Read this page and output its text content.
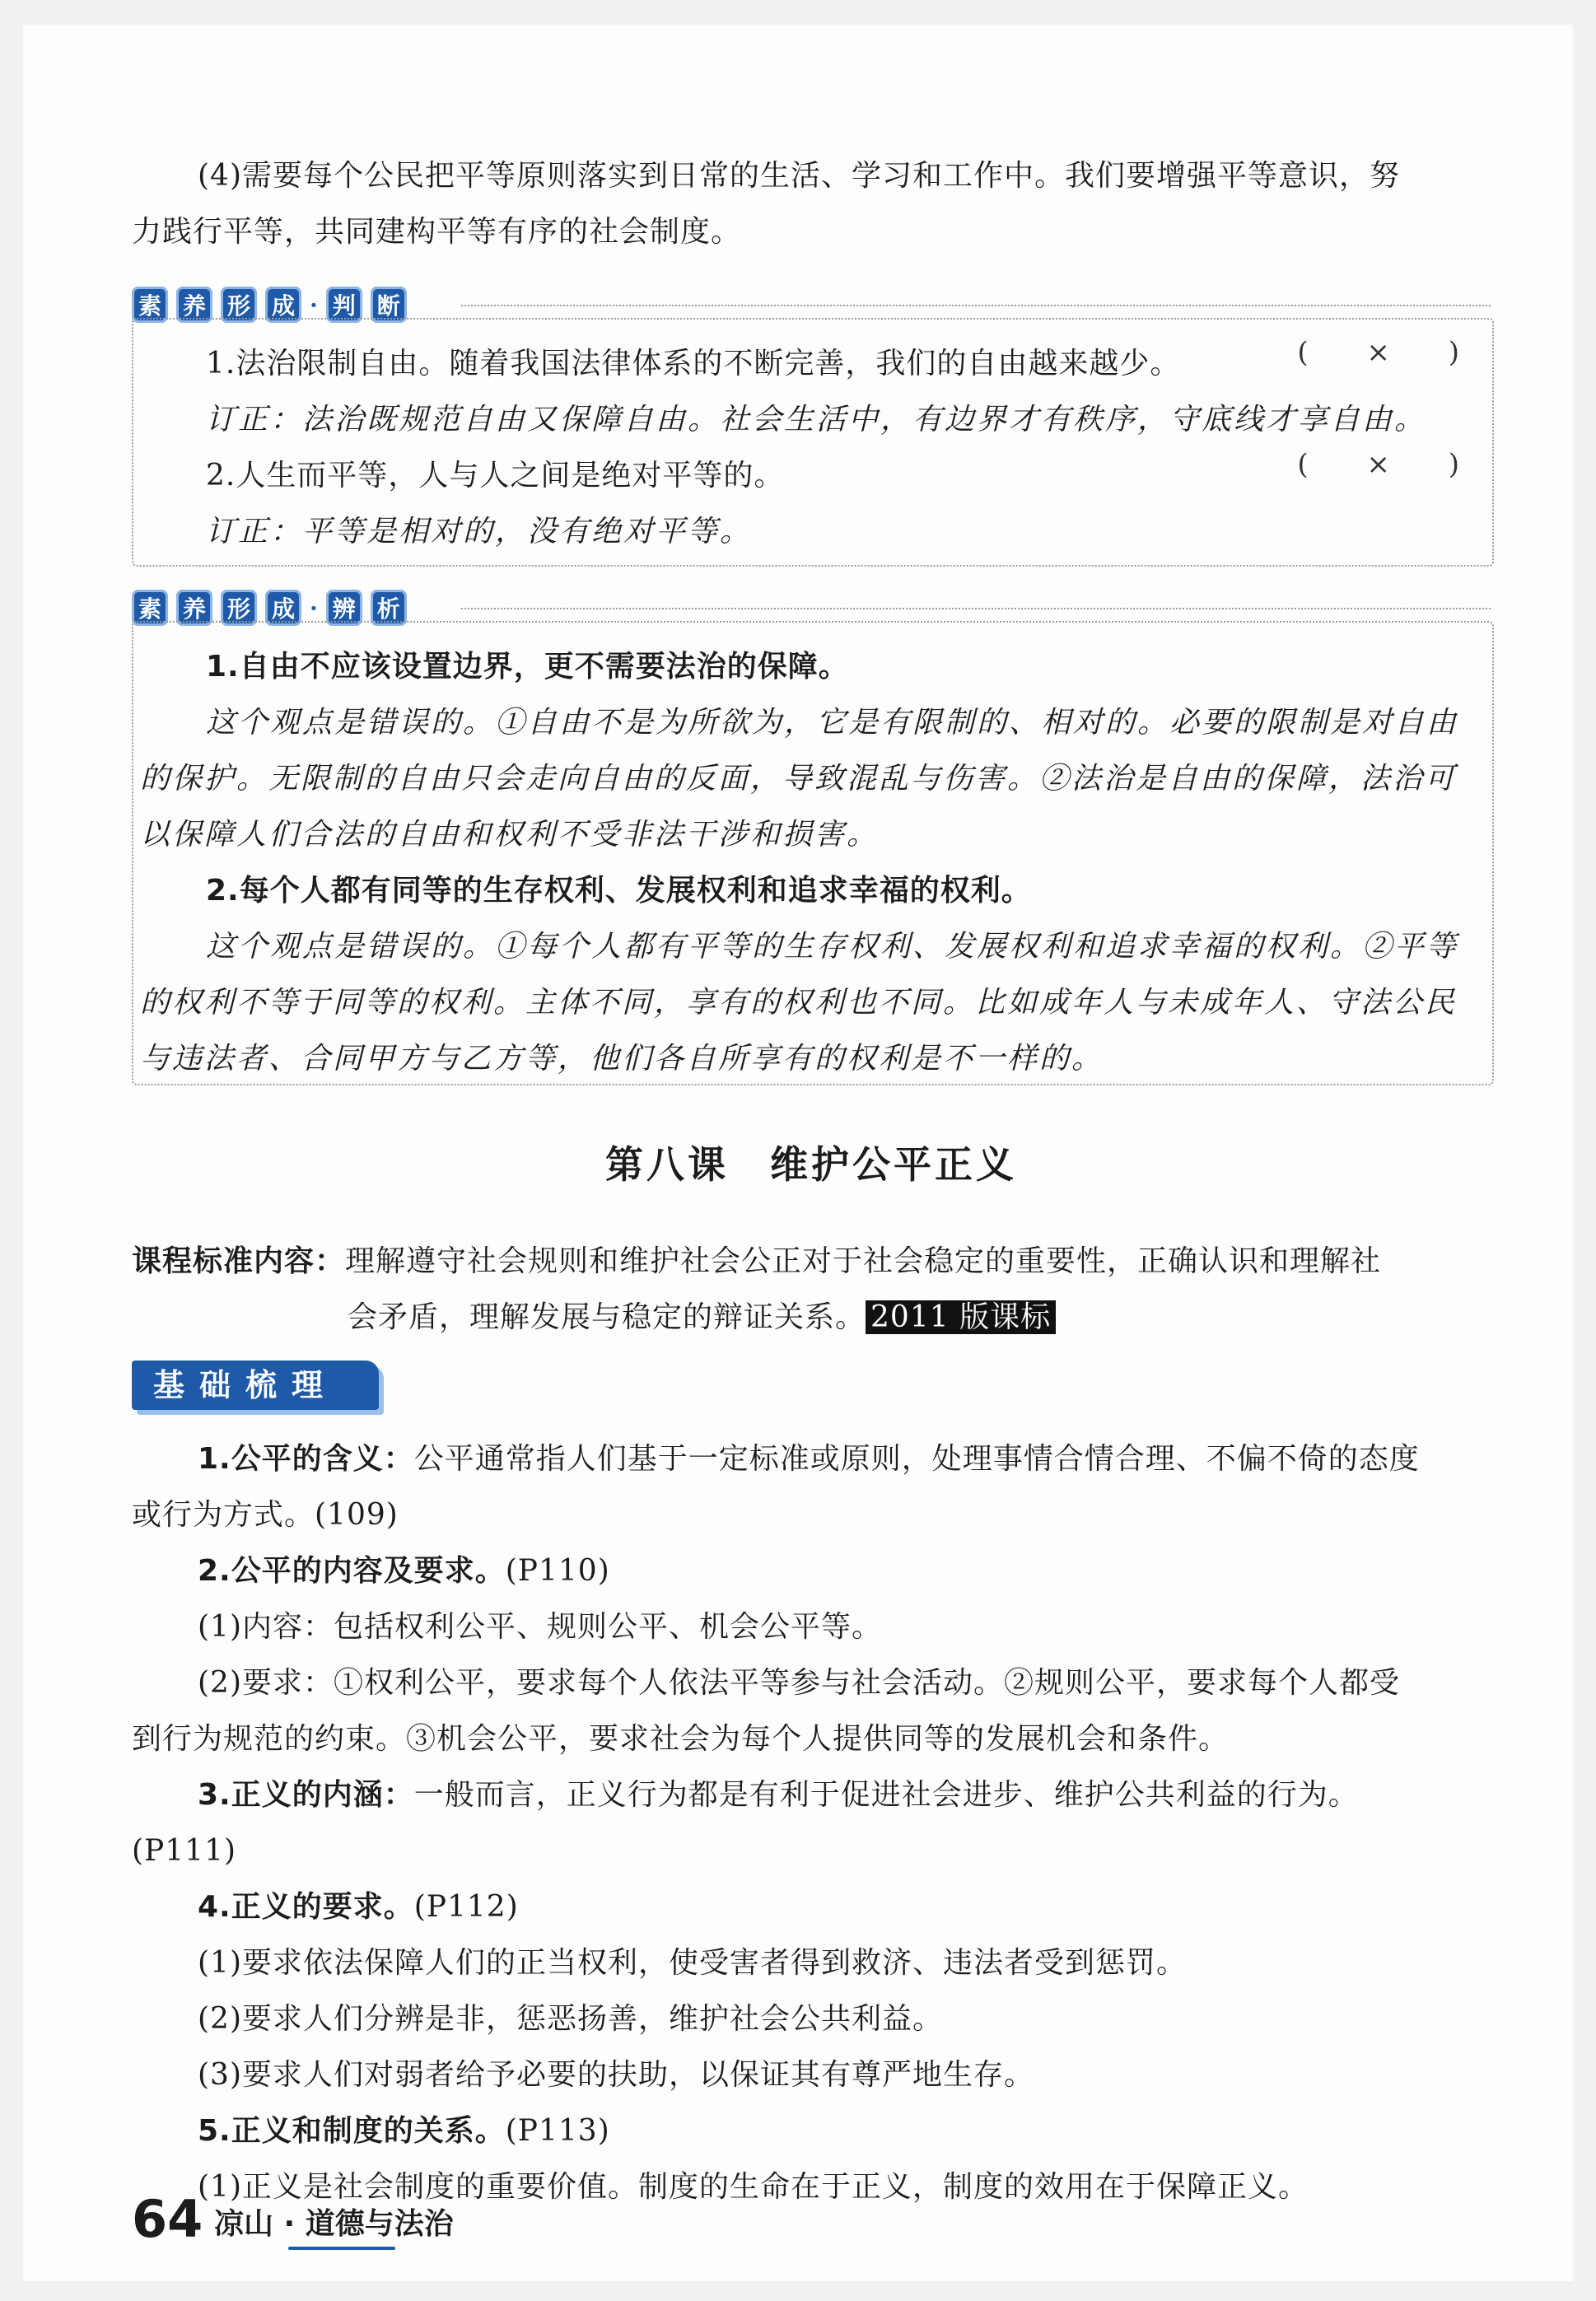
(4)需要每个公民把平等原则落实到日常的生活、学习和工作中。我们要增强平等意识，努

力践行平等，共同建构平等有序的社会制度。

素 养 形 成 · 判 断

1.法治限制自由。随着我国法律体系的不断完善，我们的自由越来越少。	( × )

订正：法治既规范自由又保障自由。社会生活中，有边界才有秩序，守底线才享自由。

2.人生而平等，人与人之间是绝对平等的。	( × )

订正：平等是相对的，没有绝对平等。

素 养 形 成 · 辨 析

1.自由不应该设置边界，更不需要法治的保障。

这个观点是错误的。①自由不是为所欲为，它是有限制的、相对的。必要的限制是对自由

的保护。无限制的自由只会走向自由的反面，导致混乱与伤害。②法治是自由的保障，法治可

以保障人们合法的自由和权利不受非法干涉和损害。

2.每个人都有同等的生存权利、发展权利和追求幸福的权利。

这个观点是错误的。①每个人都有平等的生存权利、发展权利和追求幸福的权利。②平等

的权利不等于同等的权利。主体不同，享有的权利也不同。比如成年人与未成年人、守法公民

与违法者、合同甲方与乙方等，他们各自所享有的权利是不一样的。

第八课　维护公平正义

课程标准内容：理解遵守社会规则和维护社会公正对于社会稳定的重要性，正确认识和理解社

会矛盾，理解发展与稳定的辩证关系。 2011 版课标

基础梳理

1.公平的含义：公平通常指人们基于一定标准或原则，处理事情合情合理、不偏不倚的态度

或行为方式。(109)

2.公平的内容及要求。(P110)

(1)内容：包括权利公平、规则公平、机会公平等。

(2)要求：①权利公平，要求每个人依法平等参与社会活动。②规则公平，要求每个人都受

到行为规范的约束。③机会公平，要求社会为每个人提供同等的发展机会和条件。

3.正义的内涵：一般而言，正义行为都是有利于促进社会进步、维护公共利益的行为。

(P111)

4.正义的要求。(P112)

(1)要求依法保障人们的正当权利，使受害者得到救济、违法者受到惩罚。

(2)要求人们分辨是非，惩恶扬善，维护社会公共利益。

(3)要求人们对弱者给予必要的扶助，以保证其有尊严地生存。

5.正义和制度的关系。(P113)

(1)正义是社会制度的重要价值。制度的生命在于正义，制度的效用在于保障正义。

64 凉山 · 道德与法治
